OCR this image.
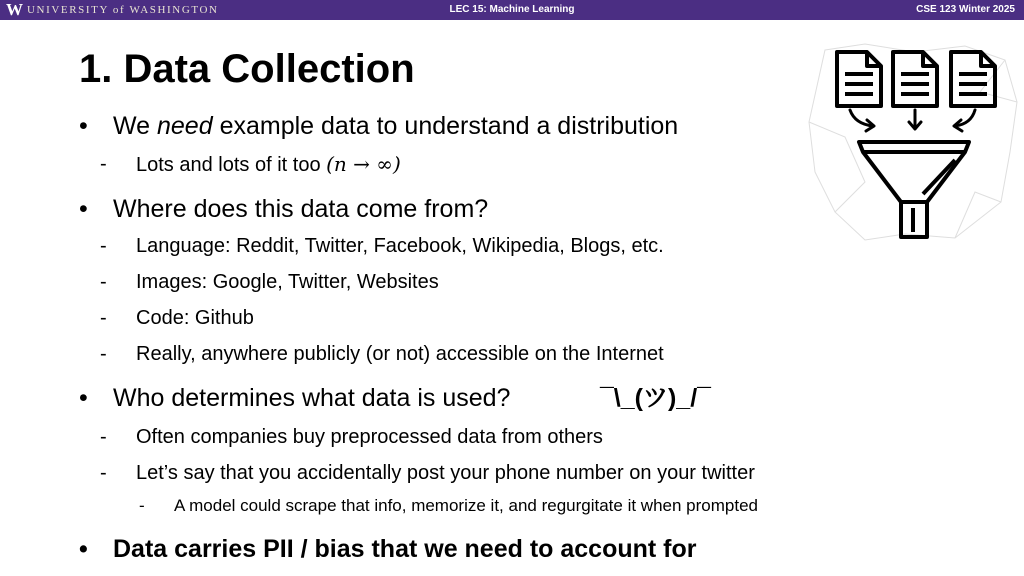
W UNIVERSITY of WASHINGTON	LEC 15: Machine Learning	CSE 123 Winter 2025
1. Data Collection
•	We need example data to understand a distribution
- Lots and lots of it too (n → ∞)
•	Where does this data come from?
- Language: Reddit, Twitter, Facebook, Wikipedia, Blogs, etc.
- Images: Google, Twitter, Websites
- Code: Github
- Really, anywhere publicly (or not) accessible on the Internet
•	Who determines what data is used?
- Often companies buy preprocessed data from others
- Let’s say that you accidentally post your phone number on your twitter
- A model could scrape that info, memorize it, and regurgitate it when prompted
•	Data carries PII / bias that we need to account for
¯\_(ツ)_/¯
